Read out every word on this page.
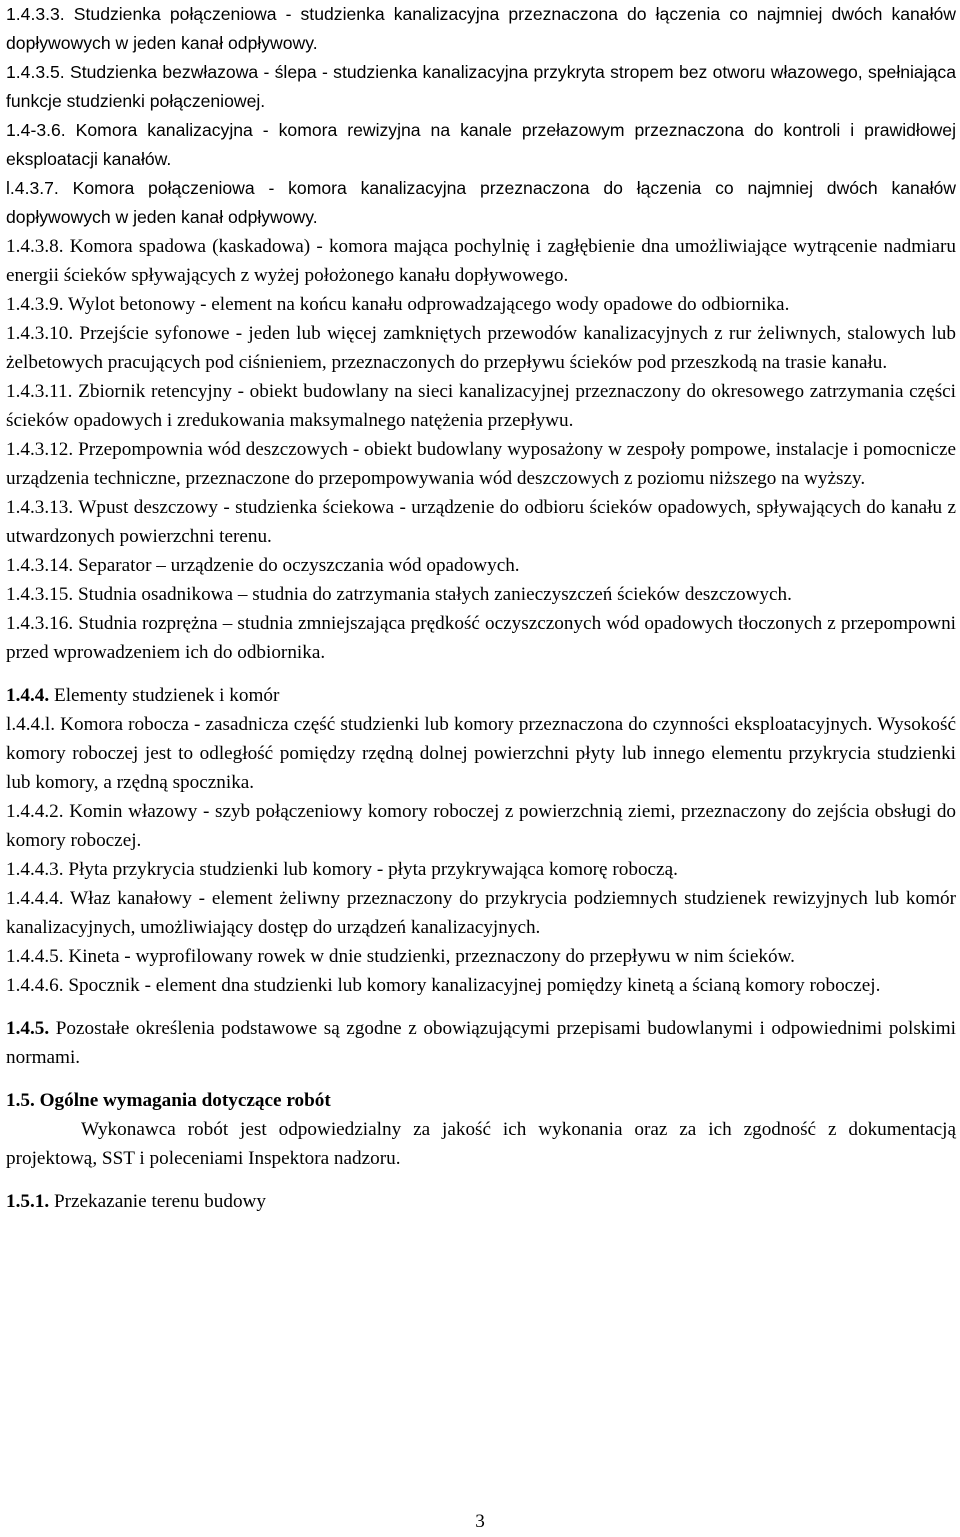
1.4.3.3. Studzienka połączeniowa - studzienka kanalizacyjna przeznaczona do łączenia co najmniej dwóch kanałów dopływowych w jeden kanał odpływowy.

1.4.3.5. Studzienka bezwłazowa - ślepa - studzienka kanalizacyjna przykryta stropem bez otworu włazowego, spełniająca funkcje studzienki połączeniowej.

1.4-3.6. Komora kanalizacyjna - komora rewizyjna na kanale przełazowym przeznaczona do kontroli i prawidłowej eksploatacji kanałów.

l.4.3.7. Komora połączeniowa - komora kanalizacyjna przeznaczona do łączenia co najmniej dwóch kanałów dopływowych w jeden kanał odpływowy.

1.4.3.8. Komora spadowa (kaskadowa) - komora mająca pochylnię i zagłębienie dna umożliwiające wytrącenie nadmiaru energii ścieków spływających z wyżej położonego kanału dopływowego.

1.4.3.9. Wylot betonowy - element na końcu kanału odprowadzającego wody opadowe do odbiornika.

1.4.3.10. Przejście syfonowe - jeden lub więcej zamkniętych przewodów kanalizacyjnych z rur żeliwnych, stalowych lub żelbetowych pracujących pod ciśnieniem, przeznaczonych do przepływu ścieków pod przeszkodą na trasie kanału.

1.4.3.11. Zbiornik retencyjny - obiekt budowlany na sieci kanalizacyjnej przeznaczony do okresowego zatrzymania części ścieków opadowych i zredukowania maksymalnego natężenia przepływu.

1.4.3.12. Przepompownia wód deszczowych - obiekt budowlany wyposażony w zespoły pompowe, instalacje i pomocnicze urządzenia techniczne, przeznaczone do przepompowywania wód deszczowych z poziomu niższego na wyższy.

1.4.3.13. Wpust deszczowy - studzienka ściekowa - urządzenie do odbioru ścieków opadowych, spływających do kanału z utwardzonych powierzchni terenu.

1.4.3.14. Separator – urządzenie do oczyszczania wód opadowych.

1.4.3.15. Studnia osadnikowa – studnia do zatrzymania stałych zanieczyszczeń ścieków deszczowych.

1.4.3.16. Studnia rozprężna – studnia zmniejszająca prędkość oczyszczonych wód opadowych tłoczonych z przepompowni przed wprowadzeniem ich do odbiornika.

1.4.4. Elementy studzienek i komór

l.4.4.l. Komora robocza - zasadnicza część studzienki lub komory przeznaczona do czynności eksploatacyjnych. Wysokość komory roboczej jest to odległość pomiędzy rzędną dolnej powierzchni płyty lub innego elementu przykrycia studzienki lub komory, a rzędną spocznika.

1.4.4.2. Komin włazowy - szyb połączeniowy komory roboczej z powierzchnią ziemi, przeznaczony do zejścia obsługi do komory roboczej.

1.4.4.3. Płyta przykrycia studzienki lub komory - płyta przykrywająca komorę roboczą.

1.4.4.4. Właz kanałowy - element żeliwny przeznaczony do przykrycia podziemnych studzienek rewizyjnych lub komór kanalizacyjnych, umożliwiający dostęp do urządzeń kanalizacyjnych.

1.4.4.5. Kineta - wyprofilowany rowek w dnie studzienki, przeznaczony do przepływu w nim ścieków.

1.4.4.6. Spocznik - element dna studzienki lub komory kanalizacyjnej pomiędzy kinetą a ścianą komory roboczej.

1.4.5. Pozostałe określenia podstawowe są zgodne z obowiązującymi przepisami budowlanymi i odpowiednimi polskimi normami.

1.5. Ogólne wymagania dotyczące robót

Wykonawca robót jest odpowiedzialny za jakość ich wykonania oraz za ich zgodność z dokumentacją projektową, SST i poleceniami Inspektora nadzoru.

1.5.1. Przekazanie terenu budowy

3
